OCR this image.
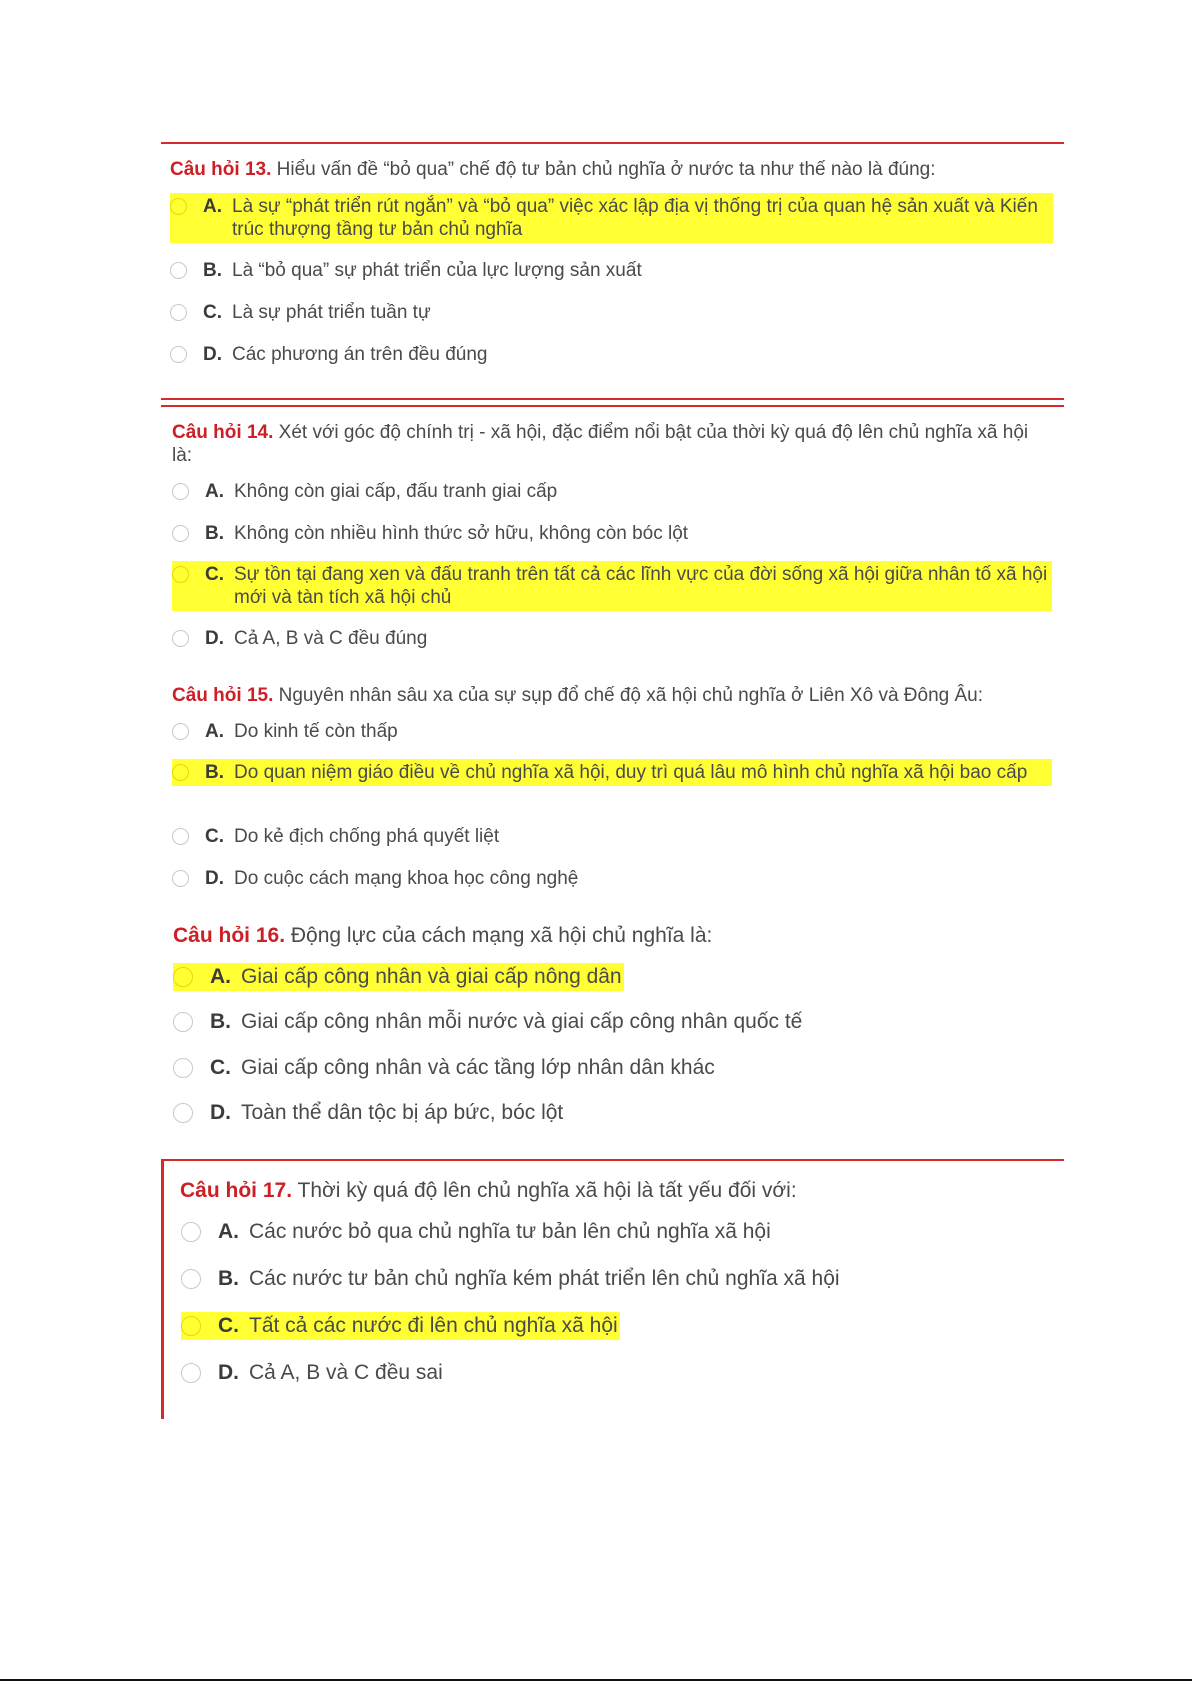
Câu hỏi 13. Hiểu vấn đề “bỏ qua” chế độ tư bản chủ nghĩa ở nước ta như thế nào là đúng:

A. Là sự “phát triển rút ngắn” và “bỏ qua” việc xác lập địa vị thống trị của quan hệ sản xuất và Kiến trúc thượng tầng tư bản chủ nghĩa
B. Là “bỏ qua” sự phát triển của lực lượng sản xuất
C. Là sự phát triển tuần tự
D. Các phương án trên đều đúng

Câu hỏi 14. Xét với góc độ chính trị - xã hội, đặc điểm nổi bật của thời kỳ quá độ lên chủ nghĩa xã hội là:

A. Không còn giai cấp, đấu tranh giai cấp
B. Không còn nhiều hình thức sở hữu, không còn bóc lột
C. Sự tồn tại đang xen và đấu tranh trên tất cả các lĩnh vực của đời sống xã hội giữa nhân tố xã hội mới và tàn tích xã hội chủ
D. Cả A, B và C đều đúng

Câu hỏi 15. Nguyên nhân sâu xa của sự sụp đổ chế độ xã hội chủ nghĩa ở Liên Xô và Đông Âu:

A. Do kinh tế còn thấp
B. Do quan niệm giáo điều về chủ nghĩa xã hội, duy trì quá lâu mô hình chủ nghĩa xã hội bao cấp
C. Do kẻ địch chống phá quyết liệt
D. Do cuộc cách mạng khoa học công nghệ

Câu hỏi 16. Động lực của cách mạng xã hội chủ nghĩa là:

A. Giai cấp công nhân và giai cấp nông dân
B. Giai cấp công nhân mỗi nước và giai cấp công nhân quốc tế
C. Giai cấp công nhân và các tầng lớp nhân dân khác
D. Toàn thể dân tộc bị áp bức, bóc lột

Câu hỏi 17. Thời kỳ quá độ lên chủ nghĩa xã hội là tất yếu đối với:

A. Các nước bỏ qua chủ nghĩa tư bản lên chủ nghĩa xã hội
B. Các nước tư bản chủ nghĩa kém phát triển lên chủ nghĩa xã hội
C. Tất cả các nước đi lên chủ nghĩa xã hội
D. Cả A, B và C đều sai
